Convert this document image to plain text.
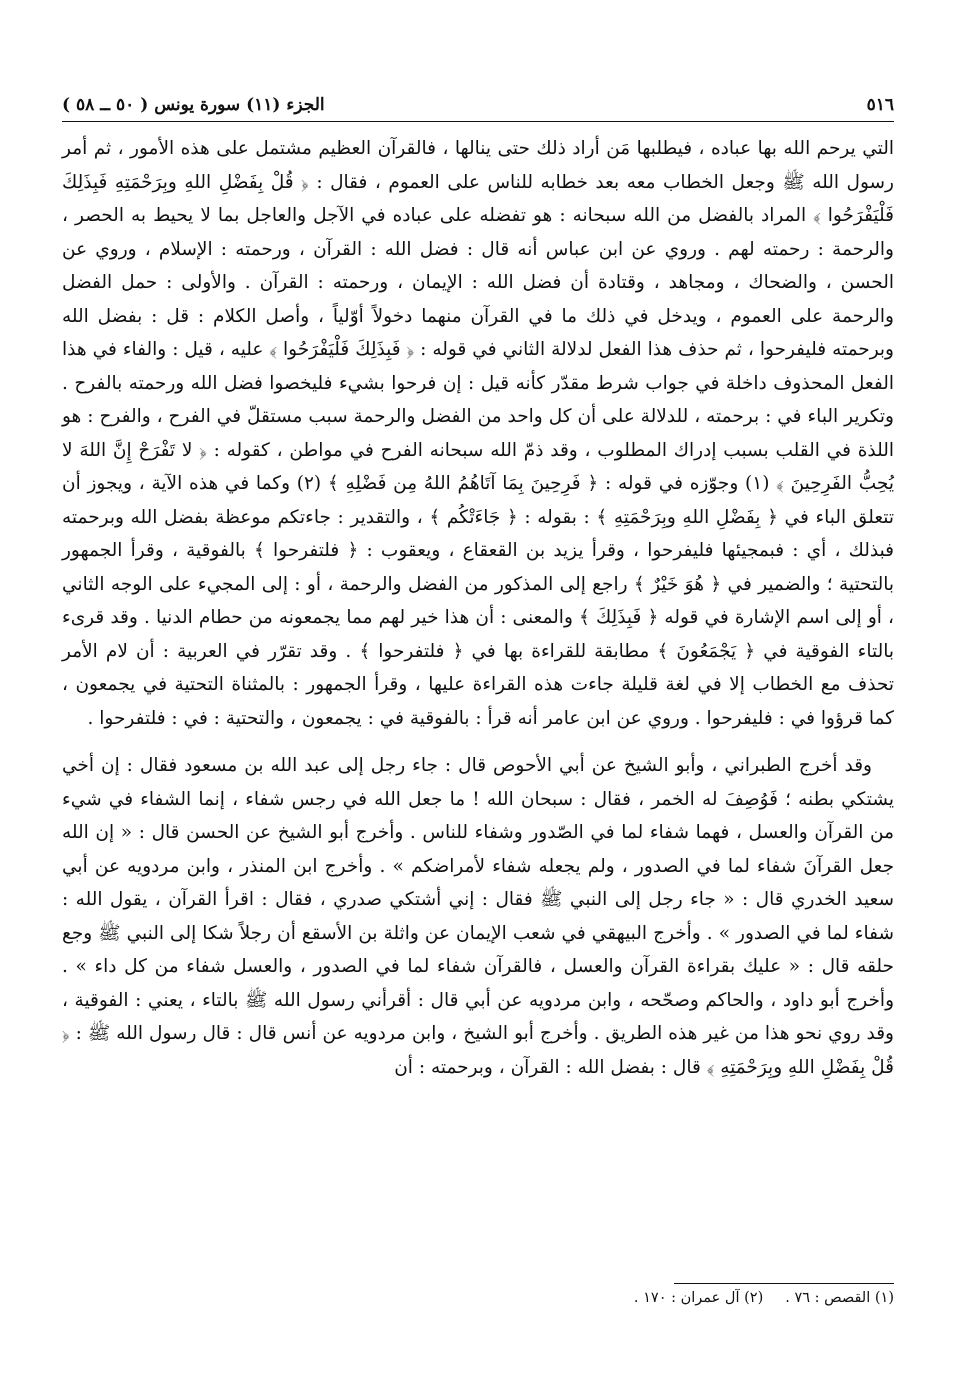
٥١٦
الجزء (١١) سورة يونس ( ٥٠ ــ ٥٨ )

التي يرحم الله بها عباده ، فيطلبها مَن أراد ذلك حتى ينالها ، فالقرآن العظيم مشتمل على هذه الأمور ، ثم أمر رسول الله ﷺ وجعل الخطاب معه بعد خطابه للناس على العموم ، فقال : ﴿ قُلْ بِفَضْلِ اللهِ وبِرَحْمَتِهِ فَبِذَلِكَ فَلْيَفْرَحُوا ﴾ المراد بالفضل من الله سبحانه : هو تفضله على عباده في الآجل والعاجل بما لا يحيط به الحصر ، والرحمة : رحمته لهم . وروي عن ابن عباس أنه قال : فضل الله : القرآن ، ورحمته : الإسلام ، وروي عن الحسن ، والضحاك ، ومجاهد ، وقتادة أن فضل الله : الإيمان ، ورحمته : القرآن . والأولى : حمل الفضل والرحمة على العموم ، ويدخل في ذلك ما في القرآن منهما دخولاً أوّلياً ، وأصل الكلام : قل : بفضل الله وبرحمته فليفرحوا ، ثم حذف هذا الفعل لدلالة الثاني في قوله : ﴿ فَبِذَلِكَ فَلْيَفْرَحُوا ﴾ عليه ، قيل : والفاء في هذا الفعل المحذوف داخلة في جواب شرط مقدّر كأنه قيل : إن فرحوا بشيء فليخصوا فضل الله ورحمته بالفرح . وتكرير الباء في : برحمته ، للدلالة على أن كل واحد من الفضل والرحمة سبب مستقلّ في الفرح ، والفرح : هو اللذة في القلب بسبب إدراك المطلوب ، وقد ذمّ الله سبحانه الفرح في مواطن ، كقوله : ﴿ لا تَفْرَحْ إِنَّ اللهَ لا يُحِبُّ الفَرِحِينَ ﴾ (١) وجوّزه في قوله : ﴿ فَرِحِينَ بِمَا آتَاهُمُ اللهُ مِن فَضْلِهِ ﴾ (٢) وكما في هذه الآية ، ويجوز أن تتعلق الباء في ﴿ بِفَضْلِ اللهِ وبِرَحْمَتِهِ ﴾ : بقوله : ﴿ جَاءَتْكُم ﴾ ، والتقدير : جاءتكم موعظة بفضل الله وبرحمته فبذلك ، أي : فبمجيئها فليفرحوا ، وقرأ يزيد بن القعقاع ، ويعقوب : ﴿ فلتفرحوا ﴾ بالفوقية ، وقرأ الجمهور بالتحتية ؛ والضمير في ﴿ هُوَ خَيْرٌ ﴾ راجع إلى المذكور من الفضل والرحمة ، أو : إلى المجيء على الوجه الثاني ، أو إلى اسم الإشارة في قوله ﴿ فَبِذَلِكَ ﴾ والمعنى : أن هذا خير لهم مما يجمعونه من حطام الدنيا . وقد قرىء بالتاء الفوقية في ﴿ يَجْمَعُونَ ﴾ مطابقة للقراءة بها في ﴿ فلتفرحوا ﴾ . وقد تقرّر في العربية : أن لام الأمر تحذف مع الخطاب إلا في لغة قليلة جاءت هذه القراءة عليها ، وقرأ الجمهور : بالمثناة التحتية في يجمعون ، كما قرؤوا في : فليفرحوا . وروي عن ابن عامر أنه قرأ : بالفوقية في : يجمعون ، والتحتية : في : فلتفرحوا .

وقد أخرج الطبراني ، وأبو الشيخ عن أبي الأحوص قال : جاء رجل إلى عبد الله بن مسعود فقال : إن أخي يشتكي بطنه ؛ فَوُصِفَ له الخمر ، فقال : سبحان الله ! ما جعل الله في رجس شفاء ، إنما الشفاء في شيء من القرآن والعسل ، فهما شفاء لما في الصّدور وشفاء للناس . وأخرج أبو الشيخ عن الحسن قال : « إن الله جعل القرآنَ شفاء لما في الصدور ، ولم يجعله شفاء لأمراضكم » . وأخرج ابن المنذر ، وابن مردويه عن أبي سعيد الخدري قال : « جاء رجل إلى النبي ﷺ فقال : إني أشتكي صدري ، فقال : اقرأ القرآن ، يقول الله : شفاء لما في الصدور » . وأخرج البيهقي في شعب الإيمان عن واثلة بن الأسقع أن رجلاً شكا إلى النبي ﷺ وجع حلقه قال : « عليك بقراءة القرآن والعسل ، فالقرآن شفاء لما في الصدور ، والعسل شفاء من كل داء » . وأخرج أبو داود ، والحاكم وصحّحه ، وابن مردويه عن أبي قال : أقرأني رسول الله ﷺ بالتاء ، يعني : الفوقية ، وقد روي نحو هذا من غير هذه الطريق . وأخرج أبو الشيخ ، وابن مردويه عن أنس قال : قال رسول الله ﷺ : ﴿ قُلْ بِفَضْلِ اللهِ وبِرَحْمَتِهِ ﴾ قال : بفضل الله : القرآن ، وبرحمته : أن

(١) القصص : ٧٦ .
(٢) آل عمران : ١٧٠ .
